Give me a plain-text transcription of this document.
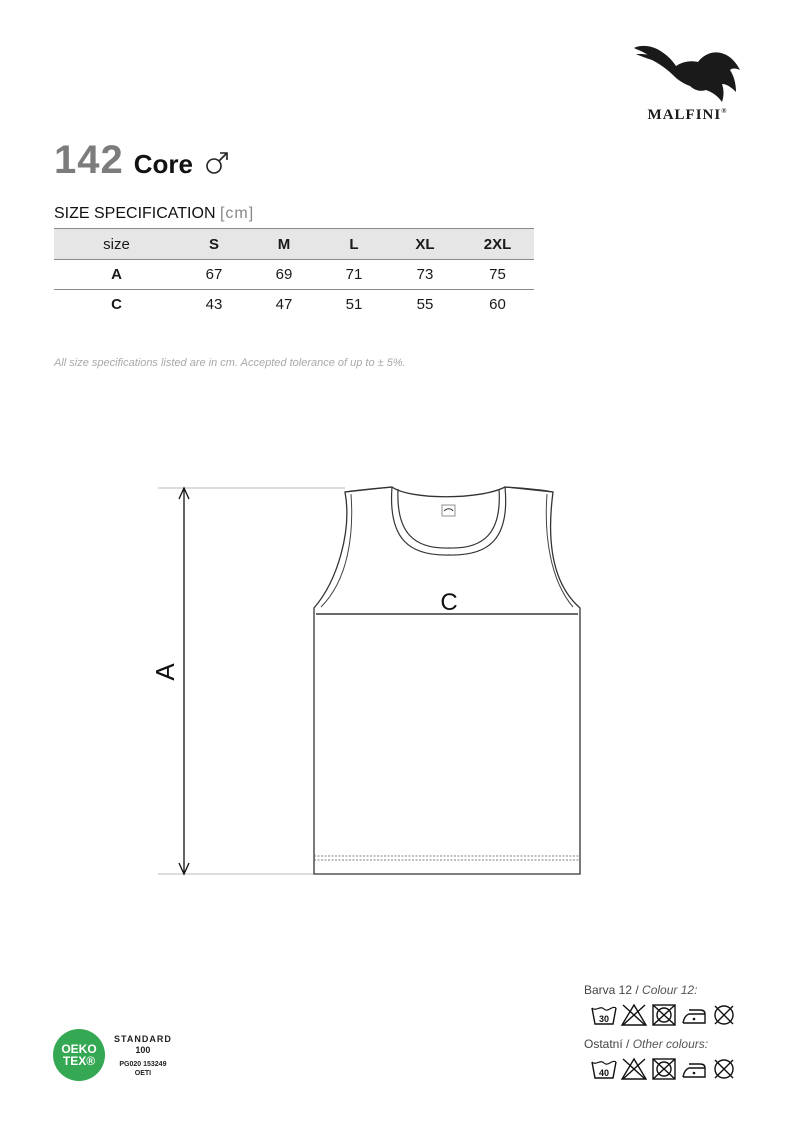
MALFINI®
142 Core
SIZE SPECIFICATION [cm]
size	S	M	L	XL	2XL
A	67	69	71	73	75
C	43	47	51	55	60
All size specifications listed are in cm. Accepted tolerance of up to ± 5%.
A
C
Barva 12 / Colour 12:
30
Ostatní / Other colours:
40
OEKO
TEX®
STANDARD
100
PG020 153249
OETI
